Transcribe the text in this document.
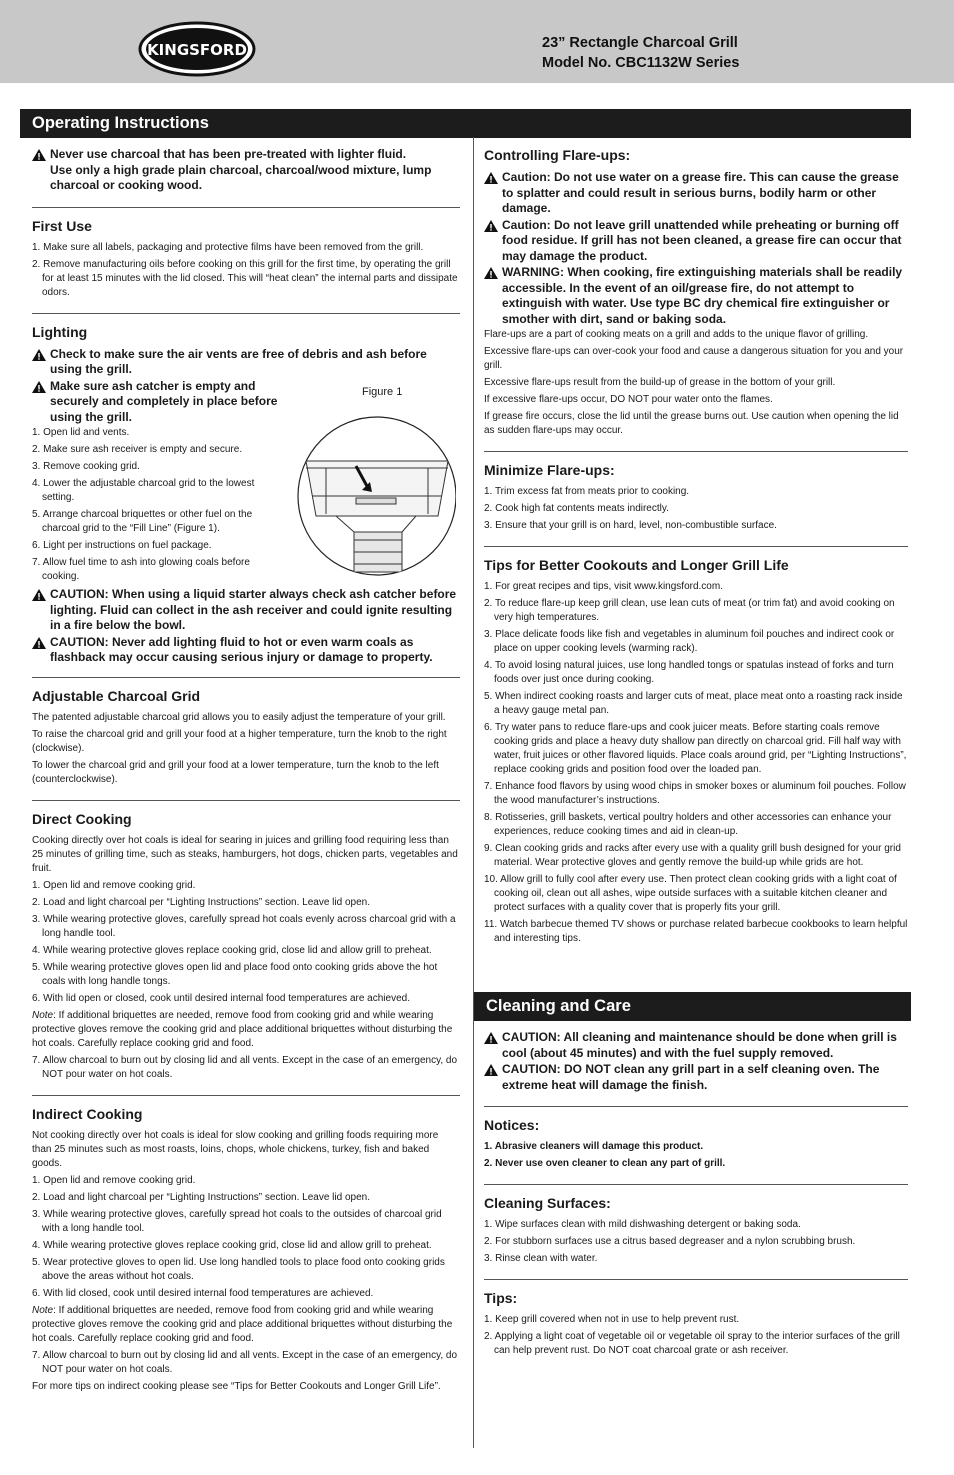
KINGSFORD	23” Rectangle Charcoal Grill
Model No. CBC1132W Series
Operating Instructions
Cleaning and Care
Never use charcoal that has been pre-treated with lighter fluid.
Use only a high grade plain charcoal, charcoal/wood mixture, lump charcoal or cooking wood.
First Use
1. Make sure all labels, packaging and protective films have been removed from the grill.
2. Remove manufacturing oils before cooking on this grill for the first time, by operating the grill for at least 15 minutes with the lid closed. This will “heat clean” the internal parts and dissipate odors.
Lighting
Check to make sure the air vents are free of debris and ash before using the grill.
Make sure ash catcher is empty and securely and completely in place before using the grill.
1. Open lid and vents.
2. Make sure ash receiver is empty and secure.
3. Remove cooking grid.
4. Lower the adjustable charcoal grid to the lowest setting.
5. Arrange charcoal briquettes or other fuel on the charcoal grid to the “Fill Line” (Figure 1).
6. Light per instructions on fuel package.
7. Allow fuel time to ash into glowing coals before cooking.
CAUTION: When using a liquid starter always check ash catcher before lighting. Fluid can collect in the ash receiver and could ignite resulting in a fire below the bowl.
CAUTION: Never add lighting fluid to hot or even warm coals as flashback may occur causing serious injury or damage to property.
Adjustable Charcoal Grid

The patented adjustable charcoal grid allows you to easily adjust the temperature of your grill.

To raise the charcoal grid and grill your food at a higher temperature, turn the knob to the right (clockwise).

To lower the charcoal grid and grill your food at a lower temperature, turn the knob to the left (counterclockwise).

Direct Cooking

Cooking directly over hot coals is ideal for searing in juices and grilling food requiring less than 25 minutes of grilling time, such as steaks, hamburgers, hot dogs, chicken parts, vegetables and fruit.

1. Open lid and remove cooking grid.
2. Load and light charcoal per “Lighting Instructions” section. Leave lid open.
3. While wearing protective gloves, carefully spread hot coals evenly across charcoal grid with a long handle tool.
4. While wearing protective gloves replace cooking grid, close lid and allow grill to preheat.
5. While wearing protective gloves open lid and place food onto cooking grids above the hot coals with long handle tongs.
6. With lid open or closed, cook until desired internal food temperatures are achieved.

Note: If additional briquettes are needed, remove food from cooking grid and while wearing protective gloves remove the cooking grid and place additional briquettes without disturbing the hot coals. Carefully replace cooking grid and food.

7. Allow charcoal to burn out by closing lid and all vents. Except in the case of an emergency, do NOT pour water on hot coals.
Indirect Cooking

Not cooking directly over hot coals is ideal for slow cooking and grilling foods requiring more than 25 minutes such as most roasts, loins, chops, whole chickens, turkey, fish and baked goods.

1. Open lid and remove cooking grid.
2. Load and light charcoal per “Lighting Instructions” section. Leave lid open.
3. While wearing protective gloves, carefully spread hot coals to the outsides of charcoal grid with a long handle tool.
4. While wearing protective gloves replace cooking grid, close lid and allow grill to preheat.
5. Wear protective gloves to open lid. Use long handled tools to place food onto cooking grids above the areas without hot coals.
6. With lid closed, cook until desired internal food temperatures are achieved.

Note: If additional briquettes are needed, remove food from cooking grid and while wearing protective gloves remove the cooking grid and place additional briquettes without disturbing the hot coals. Carefully replace cooking grid and food.

7. Allow charcoal to burn out by closing lid and all vents. Except in the case of an emergency, do NOT pour water on hot coals.

For more tips on indirect cooking please see “Tips for Better Cookouts and Longer Grill Life”.

Figure 1
Controlling Flare-ups:
Caution: Do not use water on a grease fire. This can cause the grease to splatter and could result in serious burns, bodily harm or other damage.
Caution: Do not leave grill unattended while preheating or burning off food residue. If grill has not been cleaned, a grease fire can occur that may damage the product.
WARNING: When cooking, fire extinguishing materials shall be readily accessible. In the event of an oil/grease fire, do not attempt to extinguish with water. Use type BC dry chemical fire extinguisher or smother with dirt, sand or baking soda.

Flare-ups are a part of cooking meats on a grill and adds to the unique flavor of grilling.

Excessive flare-ups can over-cook your food and cause a dangerous situation for you and your grill.

Excessive flare-ups result from the build-up of grease in the bottom of your grill.

If excessive flare-ups occur, DO NOT pour water onto the flames.

If grease fire occurs, close the lid until the grease burns out. Use caution when opening the lid as sudden flare-ups may occur.

Minimize Flare-ups:
1. Trim excess fat from meats prior to cooking.
2. Cook high fat contents meats indirectly.
3. Ensure that your grill is on hard, level, non-combustible surface.
Tips for Better Cookouts and Longer Grill Life
1. For great recipes and tips, visit www.kingsford.com.
2. To reduce flare-up keep grill clean, use lean cuts of meat (or trim fat) and avoid cooking on very high temperatures.
3. Place delicate foods like fish and vegetables in aluminum foil pouches and indirect cook or place on upper cooking levels (warming rack).
4. To avoid losing natural juices, use long handled tongs or spatulas instead of forks and turn foods over just once during cooking.
5. When indirect cooking roasts and larger cuts of meat, place meat onto a roasting rack inside a heavy gauge metal pan.
6. Try water pans to reduce flare-ups and cook juicer meats. Before starting coals remove cooking grids and place a heavy duty shallow pan directly on charcoal grid. Fill half way with water, fruit juices or other flavored liquids. Place coals around grid, per “Lighting Instructions”, replace cooking grids and position food over the loaded pan.
7. Enhance food flavors by using wood chips in smoker boxes or aluminum foil pouches. Follow the wood manufacturer’s instructions.
8. Rotisseries, grill baskets, vertical poultry holders and other accessories can enhance your experiences, reduce cooking times and aid in clean-up.
9. Clean cooking grids and racks after every use with a quality grill bush designed for your grid material. Wear protective gloves and gently remove the build-up while grids are hot.
10. Allow grill to fully cool after every use. Then protect clean cooking grids with a light coat of cooking oil, clean out all ashes, wipe outside surfaces with a suitable kitchen cleaner and protect surfaces with a quality cover that is properly fits your grill.
11. Watch barbecue themed TV shows or purchase related barbecue cookbooks to learn helpful and interesting tips.
CAUTION: All cleaning and maintenance should be done when grill is cool (about 45 minutes) and with the fuel supply removed.
CAUTION: DO NOT clean any grill part in a self cleaning oven. The extreme heat will damage the finish.
Notices:
1. Abrasive cleaners will damage this product.
2. Never use oven cleaner to clean any part of grill.
Cleaning Surfaces:
1. Wipe surfaces clean with mild dishwashing detergent or baking soda.
2. For stubborn surfaces use a citrus based degreaser and a nylon scrubbing brush.
3. Rinse clean with water.
Tips:
1. Keep grill covered when not in use to help prevent rust.
2. Applying a light coat of vegetable oil or vegetable oil spray to the interior surfaces of the grill can help prevent rust. Do NOT coat charcoal grate or ash receiver.
